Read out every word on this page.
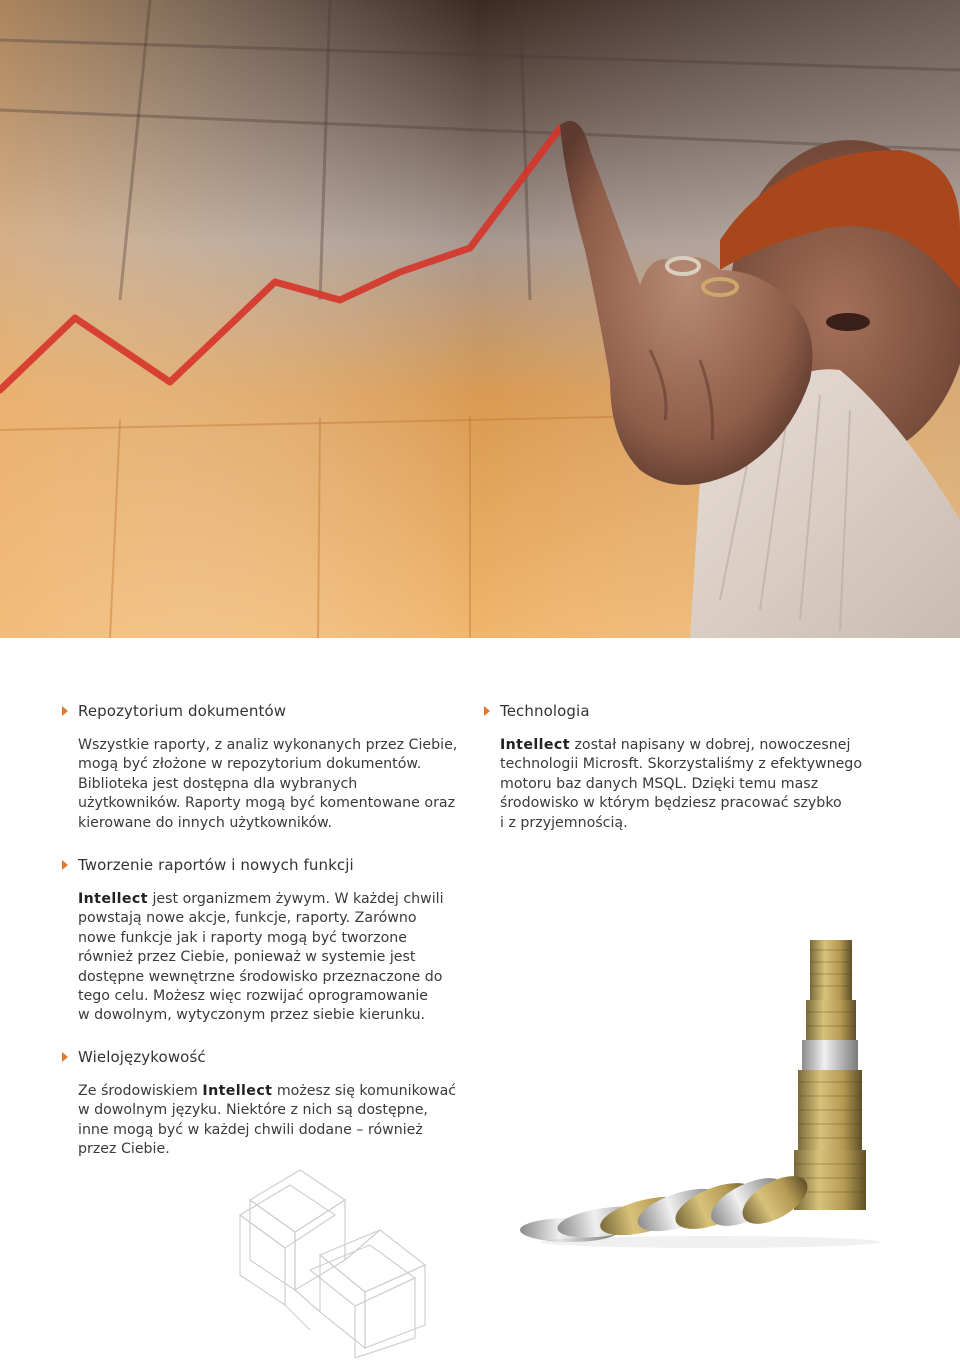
Repozytorium dokumentów
Wszystkie raporty, z analiz wykonanych przez Ciebie,
mogą być złożone w repozytorium dokumentów.
Biblioteka jest dostępna dla wybranych
użytkowników. Raporty mogą być komentowane oraz
kierowane do innych użytkowników.
Technologia
Intellect został napisany w dobrej, nowoczesnej
technologii Microsft. Skorzystaliśmy z efektywnego
motoru baz danych MSQL. Dzięki temu masz
środowisko w którym będziesz pracować szybko
i z przyjemnością.
Tworzenie raportów i nowych funkcji
Intellect jest organizmem żywym. W każdej chwili
powstają nowe akcje, funkcje, raporty. Zarówno
nowe funkcje jak i raporty mogą być tworzone
również przez Ciebie, ponieważ w systemie jest
dostępne wewnętrzne środowisko przeznaczone do
tego celu. Możesz więc rozwijać oprogramowanie
w dowolnym, wytyczonym przez siebie kierunku.
Wielojęzykowość
Ze środowiskiem Intellect możesz się komunikować
w dowolnym języku. Niektóre z nich są dostępne,
inne mogą być w każdej chwili dodane – również
przez Ciebie.
